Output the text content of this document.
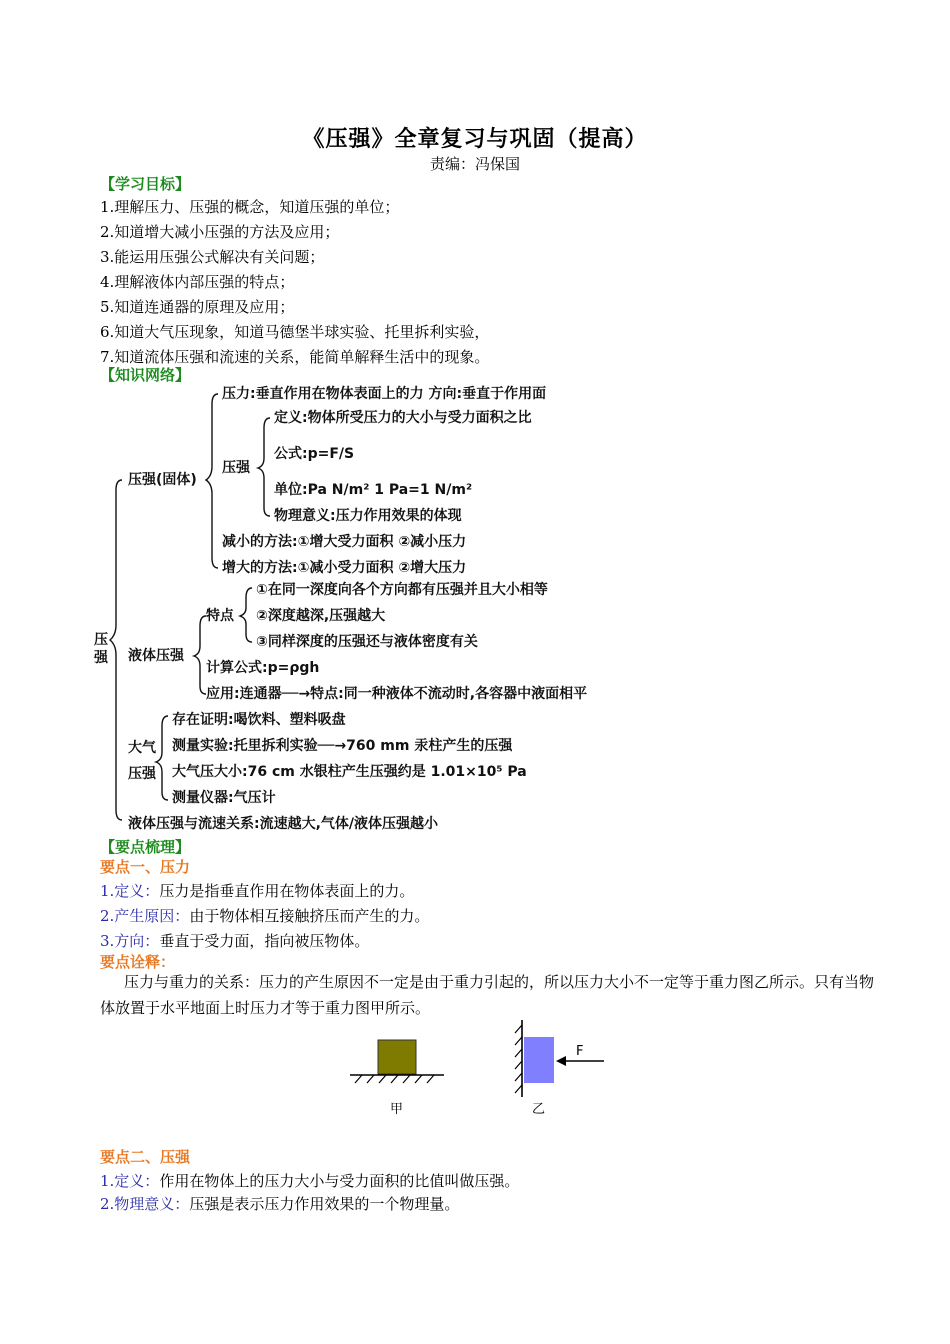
《压强》全章复习与巩固（提高）
责编：冯保国
【学习目标】
1.理解压力、压强的概念，知道压强的单位；
2.知道增大减小压强的方法及应用；
3.能运用压强公式解决有关问题；
4.理解液体内部压强的特点；
5.知道连通器的原理及应用；
6.知道大气压现象，知道马德堡半球实验、托里拆利实验，
7.知道流体压强和流速的关系，能简单解释生活中的现象。
【知识网络】
压
强
压强(固体)
压力:垂直作用在物体表面上的力 方向:垂直于作用面
压强
定义:物体所受压力的大小与受力面积之比
公式:p=F/S
单位:Pa N/m² 1 Pa=1 N/m²
物理意义:压力作用效果的体现
减小的方法:①增大受力面积 ②减小压力
增大的方法:①减小受力面积 ②增大压力
液体压强
特点
①在同一深度向各个方向都有压强并且大小相等
②深度越深,压强越大
③同样深度的压强还与液体密度有关
计算公式:p=ρgh
应用:连通器──→特点:同一种液体不流动时,各容器中液面相平
大气
压强
存在证明:喝饮料、塑料吸盘
测量实验:托里拆利实验──→760 mm 汞柱产生的压强
大气压大小:76 cm 水银柱产生压强约是 1.01×10⁵ Pa
测量仪器:气压计
液体压强与流速关系:流速越大,气体/液体压强越小
【要点梳理】
要点一、压力
1.定义：压力是指垂直作用在物体表面上的力。
2.产生原因：由于物体相互接触挤压而产生的力。
3.方向：垂直于受力面，指向被压物体。
要点诠释：
压力与重力的关系：压力的产生原因不一定是由于重力引起的，所以压力大小不一定等于重力图乙所示。只有当物体放置于水平地面上时压力才等于重力图甲所示。
甲
F
乙
要点二、压强
1.定义：作用在物体上的压力大小与受力面积的比值叫做压强。
2.物理意义：压强是表示压力作用效果的一个物理量。
